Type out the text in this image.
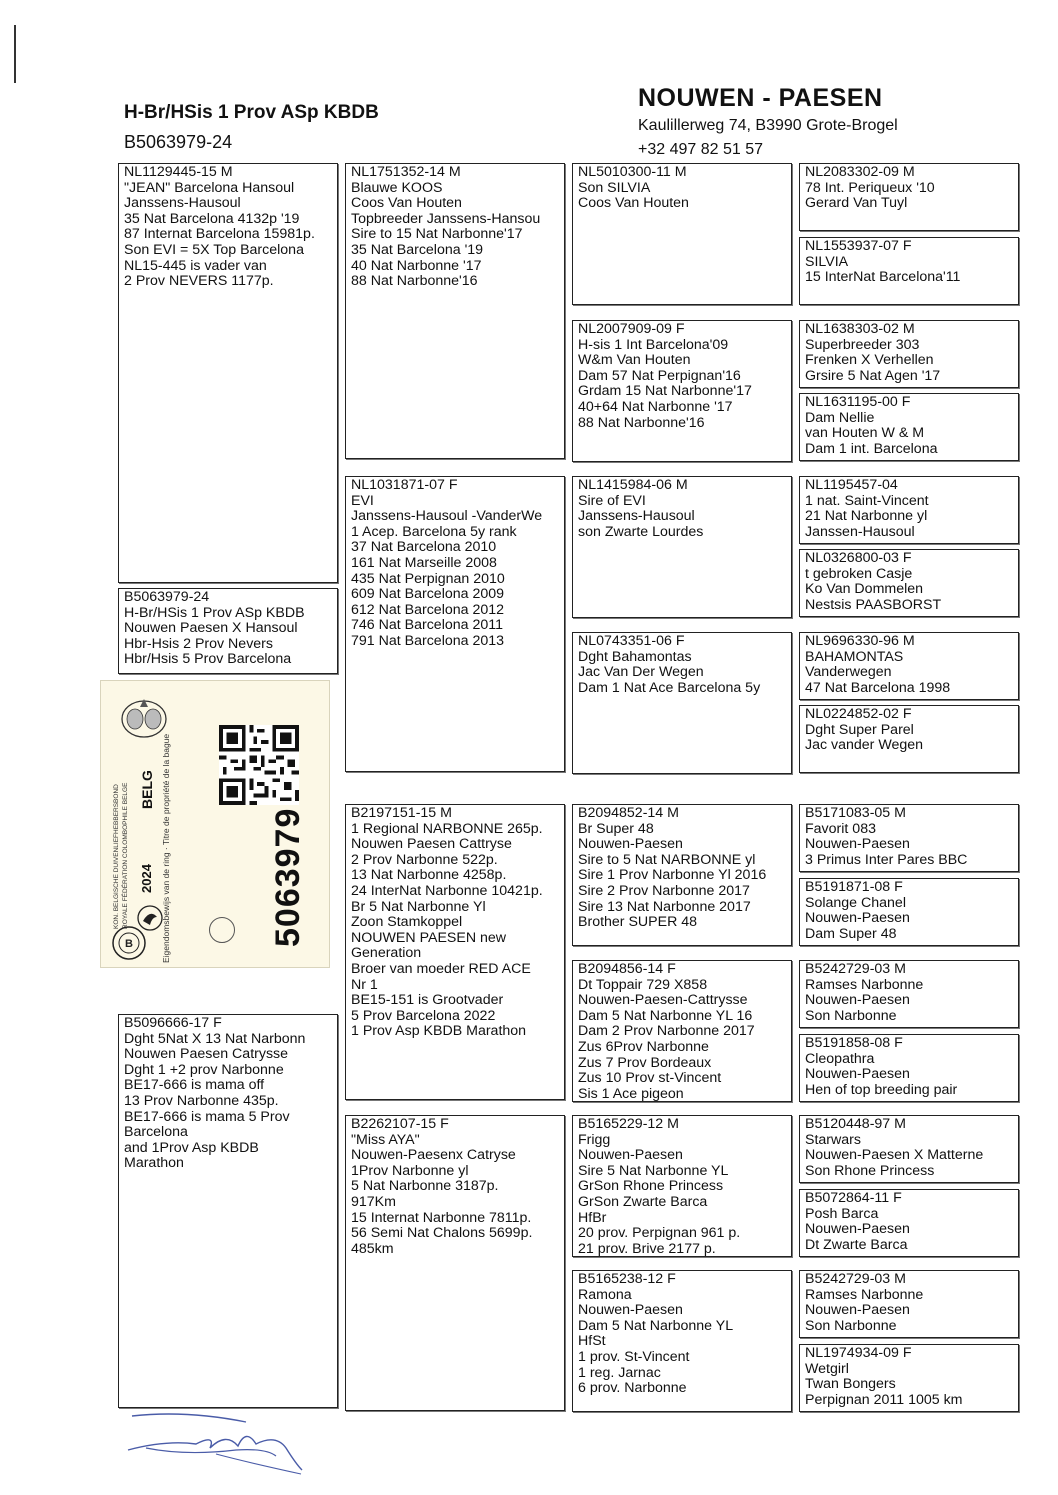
H-Br/HSis 1 Prov ASp KBDB
B5063979-24
NOUWEN - PAESEN
Kaulillerweg 74, B3990 Grote-Brogel
+32 497 82 51 57
NL1129445-15 M
"JEAN" Barcelona Hansoul
Janssens-Hausoul
35 Nat Barcelona 4132p '19
87 Internat Barcelona 15981p.
Son EVI = 5X Top Barcelona
NL15-445 is vader van
2 Prov NEVERS 1177p.
B5063979-24
H-Br/HSis 1 Prov ASp KBDB
Nouwen Paesen X Hansoul
Hbr-Hsis 2 Prov Nevers
Hbr/Hsis 5 Prov Barcelona
B5096666-17 F
Dght 5Nat X 13 Nat Narbonn
Nouwen Paesen Catrysse
Dght 1 +2 prov Narbonne
BE17-666 is mama off
13 Prov Narbonne 435p.
BE17-666 is mama 5 Prov
Barcelona
and 1Prov Asp KBDB
Marathon
NL1751352-14 M
Blauwe KOOS
Coos Van Houten
Topbreeder Janssens-Hansou
Sire to 15 Nat Narbonne'17
35 Nat Barcelona '19
40 Nat Narbonne '17
88 Nat Narbonne'16
NL1031871-07 F
EVI
Janssens-Hausoul -VanderWe
1 Acep. Barcelona 5y rank
37 Nat Barcelona 2010
161 Nat Marseille 2008
435 Nat Perpignan 2010
609 Nat Barcelona 2009
612 Nat Barcelona 2012
746 Nat Barcelona 2011
791 Nat Barcelona 2013
B2197151-15 M
1 Regional NARBONNE 265p.
Nouwen Paesen Cattryse
2 Prov Narbonne 522p.
13 Nat Narbonne 4258p.
24 InterNat Narbonne 10421p.
Br 5 Nat Narbonne Yl
Zoon Stamkoppel
NOUWEN PAESEN new
Generation
Broer van moeder RED ACE
Nr 1
BE15-151 is Grootvader
5 Prov Barcelona 2022
1 Prov Asp KBDB Marathon
B2262107-15 F
"Miss AYA"
Nouwen-Paesenx Catryse
1Prov Narbonne yl
5 Nat Narbonne 3187p.
917Km
15 Internat Narbonne 7811p.
56 Semi Nat Chalons 5699p.
485km
NL5010300-11 M
Son SILVIA
Coos Van Houten
NL2007909-09 F
H-sis 1 Int Barcelona'09
W&m Van Houten
Dam 57 Nat Perpignan'16
Grdam 15 Nat Narbonne'17
40+64 Nat Narbonne '17
88 Nat Narbonne'16
NL1415984-06 M
Sire of EVI
Janssens-Hausoul
son Zwarte Lourdes
NL0743351-06 F
Dght Bahamontas
Jac Van Der Wegen
Dam 1 Nat Ace Barcelona 5y
B2094852-14 M
Br Super 48
Nouwen-Paesen
Sire to 5 Nat NARBONNE yl
Sire 1 Prov Narbonne Yl 2016
Sire 2 Prov Narbonne 2017
Sire 13 Nat Narbonne 2017
Brother SUPER 48
B2094856-14 F
Dt Toppair 729 X858
Nouwen-Paesen-Cattrysse
Dam 5 Nat Narbonne YL 16
Dam 2 Prov Narbonne 2017
Zus 6Prov Narbonne
Zus 7 Prov Bordeaux
Zus 10 Prov st-Vincent
Sis 1 Ace pigeon
B5165229-12 M
Frigg
Nouwen-Paesen
Sire 5 Nat Narbonne YL
GrSon Rhone Princess
GrSon Zwarte Barca
HfBr
20 prov. Perpignan 961 p.
21 prov. Brive 2177 p.
B5165238-12 F
Ramona
Nouwen-Paesen
Dam 5 Nat Narbonne YL
HfSt
1 prov. St-Vincent
1 reg. Jarnac
6 prov. Narbonne
NL2083302-09 M
78 Int. Periqueux '10
Gerard Van Tuyl
NL1553937-07 F
SILVIA
15 InterNat Barcelona'11
NL1638303-02 M
Superbreeder 303
Frenken X Verhellen
Grsire 5 Nat Agen '17
NL1631195-00 F
Dam Nellie
van Houten W & M
Dam 1 int. Barcelona
NL1195457-04
1 nat. Saint-Vincent
21 Nat Narbonne yl
Janssen-Hausoul
NL0326800-03 F
t gebroken Casje
Ko Van Dommelen
Nestsis PAASBORST
NL9696330-96 M
BAHAMONTAS
Vanderwegen
47 Nat Barcelona 1998
NL0224852-02 F
Dght Super Parel
Jac vander Wegen
B5171083-05 M
Favorit 083
Nouwen-Paesen
3 Primus Inter Pares BBC
B5191871-08 F
Solange Chanel
Nouwen-Paesen
Dam Super 48
B5242729-03 M
Ramses Narbonne
Nouwen-Paesen
Son Narbonne
B5191858-08 F
Cleopathra
Nouwen-Paesen
Hen of top breeding pair
B5120448-97 M
Starwars
Nouwen-Paesen X Matterne
Son Rhone Princess
B5072864-11 F
Posh Barca
Nouwen-Paesen
Dt Zwarte Barca
B5242729-03 M
Ramses Narbonne
Nouwen-Paesen
Son Narbonne
NL1974934-09 F
Wetgirl
Twan Bongers
Perpignan 2011 1005 km
KON. BELGISCHE DUIVENLIEFHEBBERSBOND ROYALE FÉDÉRATION COLOMBOPHILE BELGE 2024
BELG Eigendomsbewijs van de ring · Titre de propriété de la bague	5063979
B
